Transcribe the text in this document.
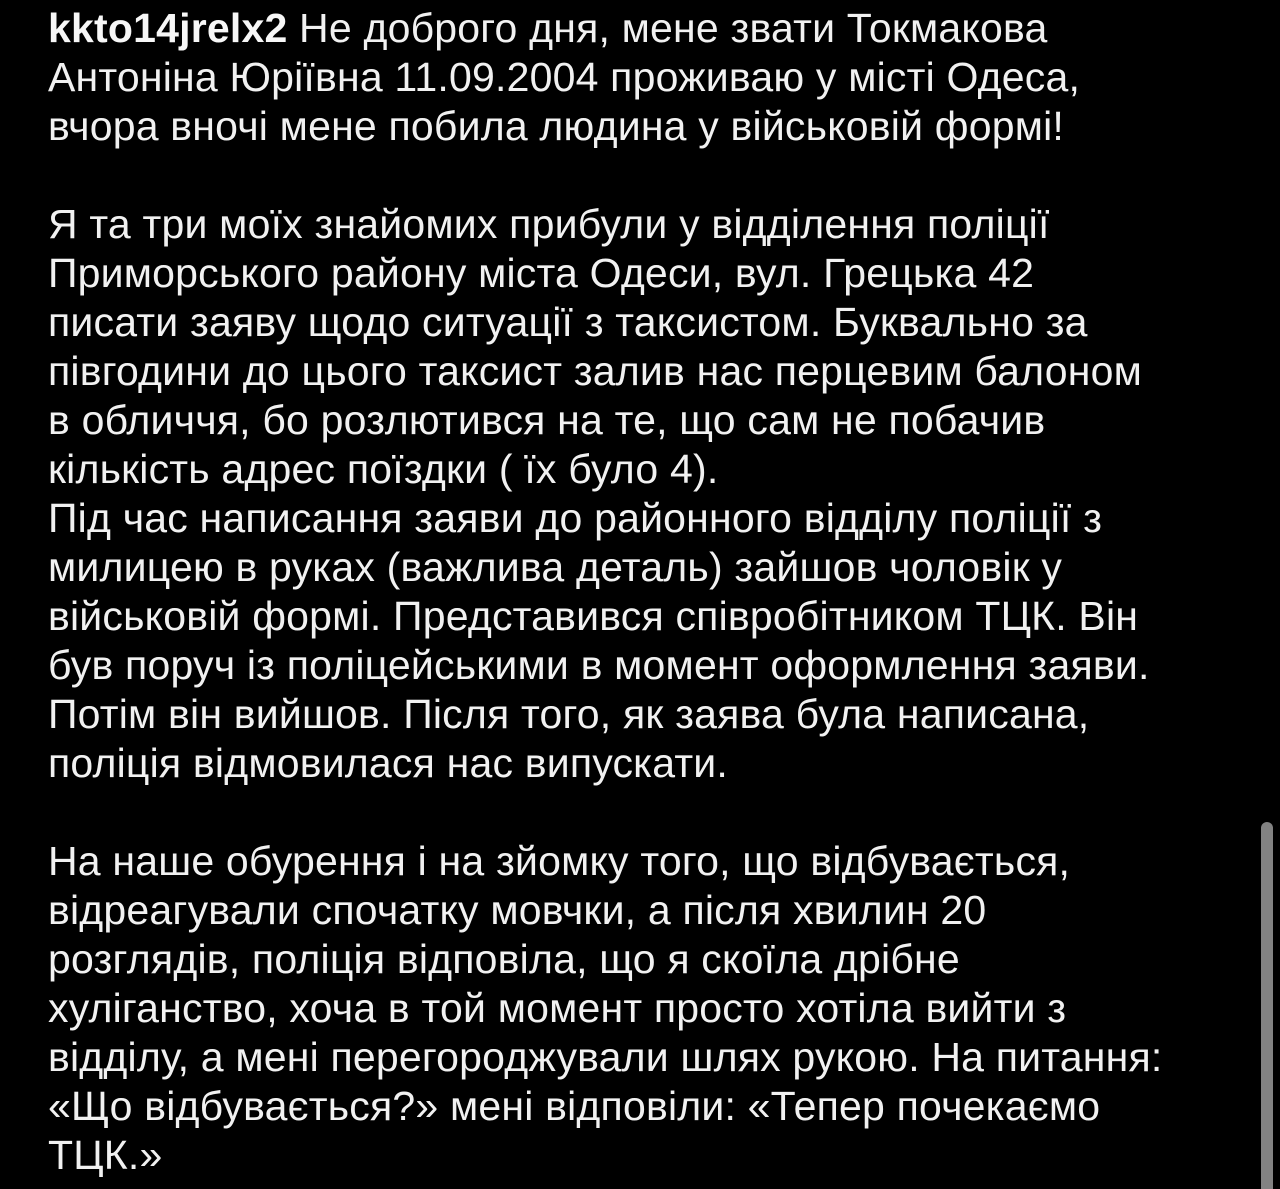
kkto14jrelx2 Не доброго дня, мене звати Токмакова
Антоніна Юріївна 11.09.2004 проживаю у місті Одеса,
вчора вночі мене побила людина у військовій формі!
Я та три моїх знайомих прибули у відділення поліції
Приморського району міста Одеси, вул. Грецька 42
писати заяву щодо ситуації з таксистом. Буквально за
півгодини до цього таксист залив нас перцевим балоном
в обличчя, бо розлютився на те, що сам не побачив
кількість адрес поїздки ( їх було 4).
Під час написання заяви до районного відділу поліції з
милицею в руках (важлива деталь) зайшов чоловік у
військовій формі. Представився співробітником ТЦК. Він
був поруч із поліцейськими в момент оформлення заяви.
Потім він вийшов. Після того, як заява була написана,
поліція відмовилася нас випускати.
На наше обурення і на зйомку того, що відбувається,
відреагували спочатку мовчки, а після хвилин 20
розглядів, поліція відповіла, що я скоїла дрібне
хуліганство, хоча в той момент просто хотіла вийти з
відділу, а мені перегороджували шлях рукою. На питання:
«Що відбувається?» мені відповіли: «Тепер почекаємо
ТЦК.»
